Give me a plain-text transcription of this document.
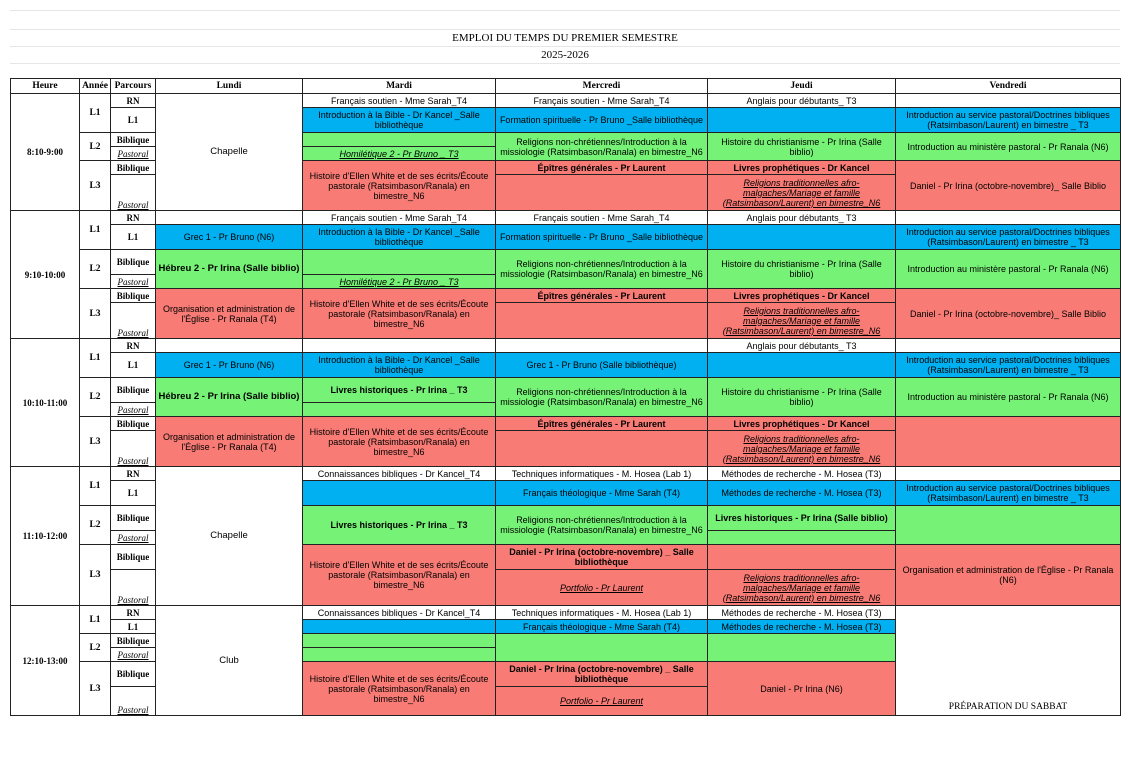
EMPLOI DU TEMPS DU PREMIER SEMESTRE
2025-2026
Heure	Année	Parcours	Lundi	Mardi	Mercredi	Jeudi	Vendredi
8:10-9:00	L1	RN	Chapelle	Français soutien - Mme Sarah_T4	Français soutien - Mme Sarah_T4	Anglais pour débutants_ T3	
		L1		Introduction à la Bible - Dr Kancel _Salle bibliothèque	Formation spirituelle - Pr Bruno _Salle bibliothèque		Introduction au service pastoral/Doctrines bibliques (Ratsimbason/Laurent) en bimestre _ T3
	L2	Biblique			Religions non-chrétiennes/Introduction à la missiologie (Ratsimbason/Ranala) en bimestre_N6	Histoire du christianisme - Pr Irina (Salle biblio)	Introduction au ministère pastoral - Pr Ranala (N6)
		Pastoral		Homilétique 2 - Pr Bruno _ T3			
	L3	Biblique		Histoire d'Ellen White et de ses écrits/Écoute pastorale (Ratsimbason/Ranala) en bimestre_N6	Épîtres générales - Pr Laurent	Livres prophétiques - Dr Kancel	Daniel - Pr Irina (octobre-novembre)_ Salle Biblio
		Pastoral				Religions traditionnelles afro-malgaches/Mariage et famille (Ratsimbason/Laurent) en bimestre_N6	

9:10-10:00	L1	RN		Français soutien - Mme Sarah_T4	Français soutien - Mme Sarah_T4	Anglais pour débutants_ T3	
		L1	Grec 1 - Pr Bruno (N6)	Introduction à la Bible - Dr Kancel _Salle bibliothèque	Formation spirituelle - Pr Bruno _Salle bibliothèque		Introduction au service pastoral/Doctrines bibliques (Ratsimbason/Laurent) en bimestre _ T3
	L2	Biblique	Hébreu 2 - Pr Irina (Salle biblio)		Religions non-chrétiennes/Introduction à la missiologie (Ratsimbason/Ranala) en bimestre_N6	Histoire du christianisme - Pr Irina (Salle biblio)	Introduction au ministère pastoral - Pr Ranala (N6)
		Pastoral		Homilétique 2 - Pr Bruno _ T3			
	L3	Biblique	Organisation et administration de l'Église - Pr Ranala (T4)	Histoire d'Ellen White et de ses écrits/Écoute pastorale (Ratsimbason/Ranala) en bimestre_N6	Épîtres générales - Pr Laurent	Livres prophétiques - Dr Kancel	Daniel - Pr Irina (octobre-novembre)_ Salle Biblio
		Pastoral				Religions traditionnelles afro-malgaches/Mariage et famille (Ratsimbason/Laurent) en bimestre_N6	

10:10-11:00	L1	RN				Anglais pour débutants_ T3	
		L1	Grec 1 - Pr Bruno (N6)	Introduction à la Bible - Dr Kancel _Salle bibliothèque	Grec 1 - Pr Bruno (Salle bibliothèque)		Introduction au service pastoral/Doctrines bibliques (Ratsimbason/Laurent) en bimestre _ T3
	L2	Biblique	Hébreu 2 - Pr Irina (Salle biblio)	Livres historiques - Pr Irina _ T3	Religions non-chrétiennes/Introduction à la missiologie (Ratsimbason/Ranala) en bimestre_N6	Histoire du christianisme - Pr Irina (Salle biblio)	Introduction au ministère pastoral - Pr Ranala (N6)
		Pastoral					
	L3	Biblique	Organisation et administration de l'Église - Pr Ranala (T4)	Histoire d'Ellen White et de ses écrits/Écoute pastorale (Ratsimbason/Ranala) en bimestre_N6	Épîtres générales - Pr Laurent	Livres prophétiques - Dr Kancel	
		Pastoral				Religions traditionnelles afro-malgaches/Mariage et famille (Ratsimbason/Laurent) en bimestre_N6	

11:10-12:00	L1	RN	Chapelle	Connaissances bibliques - Dr Kancel_T4	Techniques informatiques - M. Hosea (Lab 1)	Méthodes de recherche - M. Hosea (T3)	
		L1			Français théologique - Mme Sarah (T4)	Méthodes de recherche - M. Hosea (T3)	Introduction au service pastoral/Doctrines bibliques (Ratsimbason/Laurent) en bimestre _ T3
	L2	Biblique		Livres historiques - Pr Irina _ T3	Religions non-chrétiennes/Introduction à la missiologie (Ratsimbason/Ranala) en bimestre_N6	Livres historiques - Pr Irina (Salle biblio)	
		Pastoral					
	L3	Biblique		Histoire d'Ellen White et de ses écrits/Écoute pastorale (Ratsimbason/Ranala) en bimestre_N6	Daniel - Pr Irina (octobre-novembre) _ Salle bibliothèque		Organisation et administration de l'Église - Pr Ranala (N6)
		Pastoral			Portfolio - Pr Laurent	Religions traditionnelles afro-malgaches/Mariage et famille (Ratsimbason/Laurent) en bimestre_N6	

12:10-13:00	L1	RN	Club	Connaissances bibliques - Dr Kancel_T4	Techniques informatiques - M. Hosea (Lab 1)	Méthodes de recherche - M. Hosea (T3)	PRÉPARATION DU SABBAT
		L1			Français théologique - Mme Sarah (T4)	Méthodes de recherche - M. Hosea (T3)	
	L2	Biblique					
		Pastoral					
	L3	Biblique		Histoire d'Ellen White et de ses écrits/Écoute pastorale (Ratsimbason/Ranala) en bimestre_N6	Daniel - Pr Irina (octobre-novembre) _ Salle bibliothèque	Daniel - Pr Irina (N6)	
		Pastoral			Portfolio - Pr Laurent		
